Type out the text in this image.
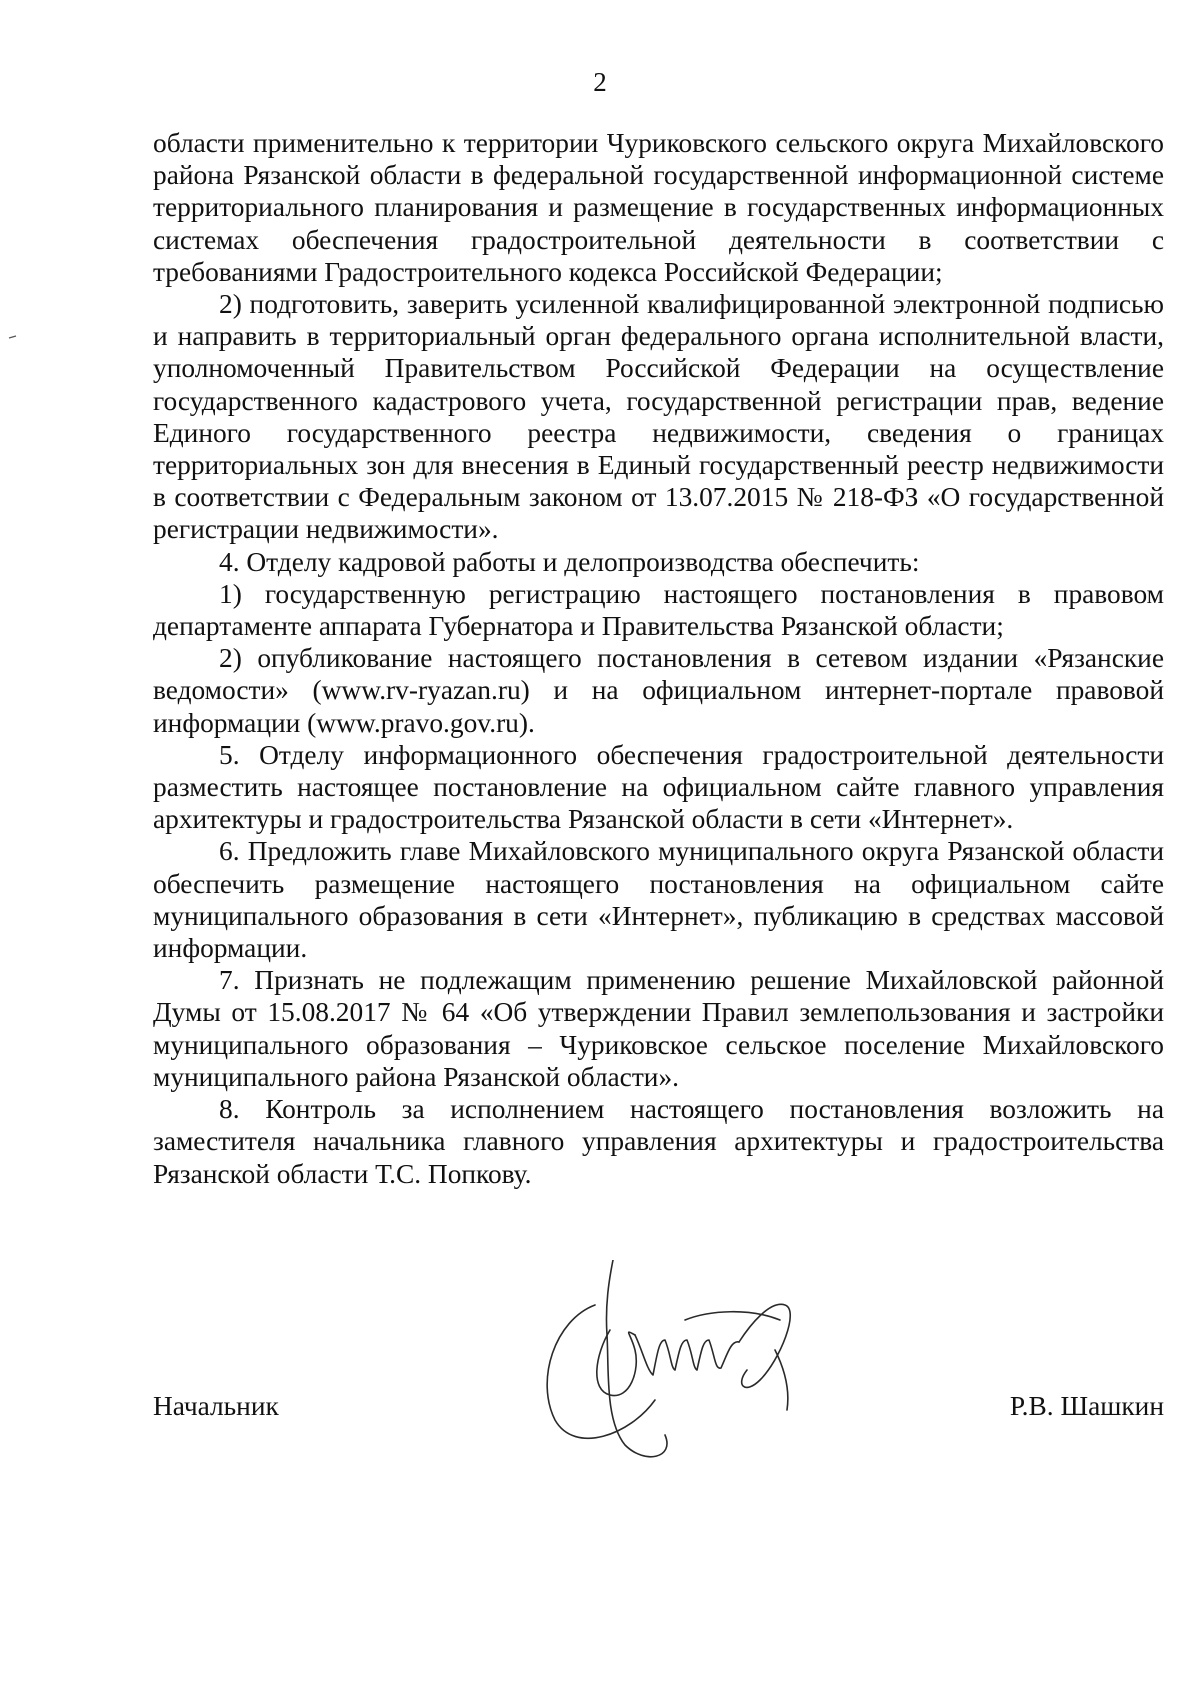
2

области применительно к территории Чуриковского сельского округа Михайловского района Рязанской области в федеральной государственной информационной системе территориального планирования и размещение в государственных информационных системах обеспечения градостроительной деятельности в соответствии с требованиями Градостроительного кодекса Российской Федерации;

2) подготовить, заверить усиленной квалифицированной электронной подписью и направить в территориальный орган федерального органа исполнительной власти, уполномоченный Правительством Российской Федерации на осуществление государственного кадастрового учета, государственной регистрации прав, ведение Единого государственного реестра недвижимости, сведения о границах территориальных зон для внесения в Единый государственный реестр недвижимости в соответствии с Федеральным законом от 13.07.2015 № 218-ФЗ «О государственной регистрации недвижимости».

4. Отделу кадровой работы и делопроизводства обеспечить:

1) государственную регистрацию настоящего постановления в правовом департаменте аппарата Губернатора и Правительства Рязанской области;

2) опубликование настоящего постановления в сетевом издании «Рязанские ведомости» (www.rv-ryazan.ru) и на официальном интернет-портале правовой информации (www.pravo.gov.ru).

5. Отделу информационного обеспечения градостроительной деятельности разместить настоящее постановление на официальном сайте главного управления архитектуры и градостроительства Рязанской области в сети «Интернет».

6. Предложить главе Михайловского муниципального округа Рязанской области обеспечить размещение настоящего постановления на официальном сайте муниципального образования в сети «Интернет», публикацию в средствах массовой информации.

7. Признать не подлежащим применению решение Михайловской районной Думы от 15.08.2017 № 64 «Об утверждении Правил землепользования и застройки муниципального образования – Чуриковское сельское поселение Михайловского муниципального района Рязанской области».

8. Контроль за исполнением настоящего постановления возложить на заместителя начальника главного управления архитектуры и градостроительства Рязанской области Т.С. Попкову.

Начальник	Р.В. Шашкин
